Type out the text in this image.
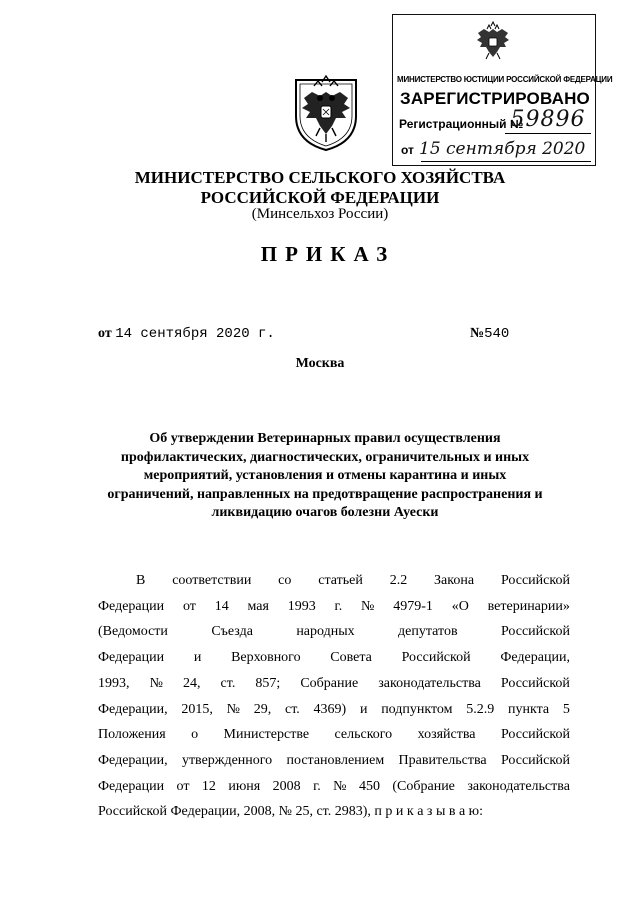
МИНИСТЕРСТВО ЮСТИЦИИ РОССИЙСКОЙ ФЕДЕРАЦИИ
ЗАРЕГИСТРИРОВАНО
Регистрационный №
59896
от 15 сентября 2020
МИНИСТЕРСТВО СЕЛЬСКОГО ХОЗЯЙСТВА
РОССИЙСКОЙ ФЕДЕРАЦИИ
(Минсельхоз России)
ПРИКАЗ
от 14 сентября 2020 г.	№540
Москва
Об утверждении Ветеринарных правил осуществления
профилактических, диагностических, ограничительных и иных
мероприятий, установления и отмены карантина и иных
ограничений, направленных на предотвращение распространения и
ликвидацию очагов болезни Ауески
В соответствии со статьей 2.2 Закона Российской
Федерации от 14 мая 1993 г. № 4979-1 «О ветеринарии»
(Ведомости	Съезда	народных	депутатов	Российской
Федерации и Верховного Совета Российской Федерации,
1993, № 24, ст. 857; Собрание законодательства Российской
Федерации, 2015, № 29, ст. 4369) и подпунктом 5.2.9 пункта 5
Положения о Министерстве сельского хозяйства Российской
Федерации, утвержденного постановлением Правительства Российской
Федерации от 12 июня 2008 г. № 450 (Собрание законодательства
Российской Федерации, 2008, № 25, ст. 2983), п р и к а з ы в а ю:
